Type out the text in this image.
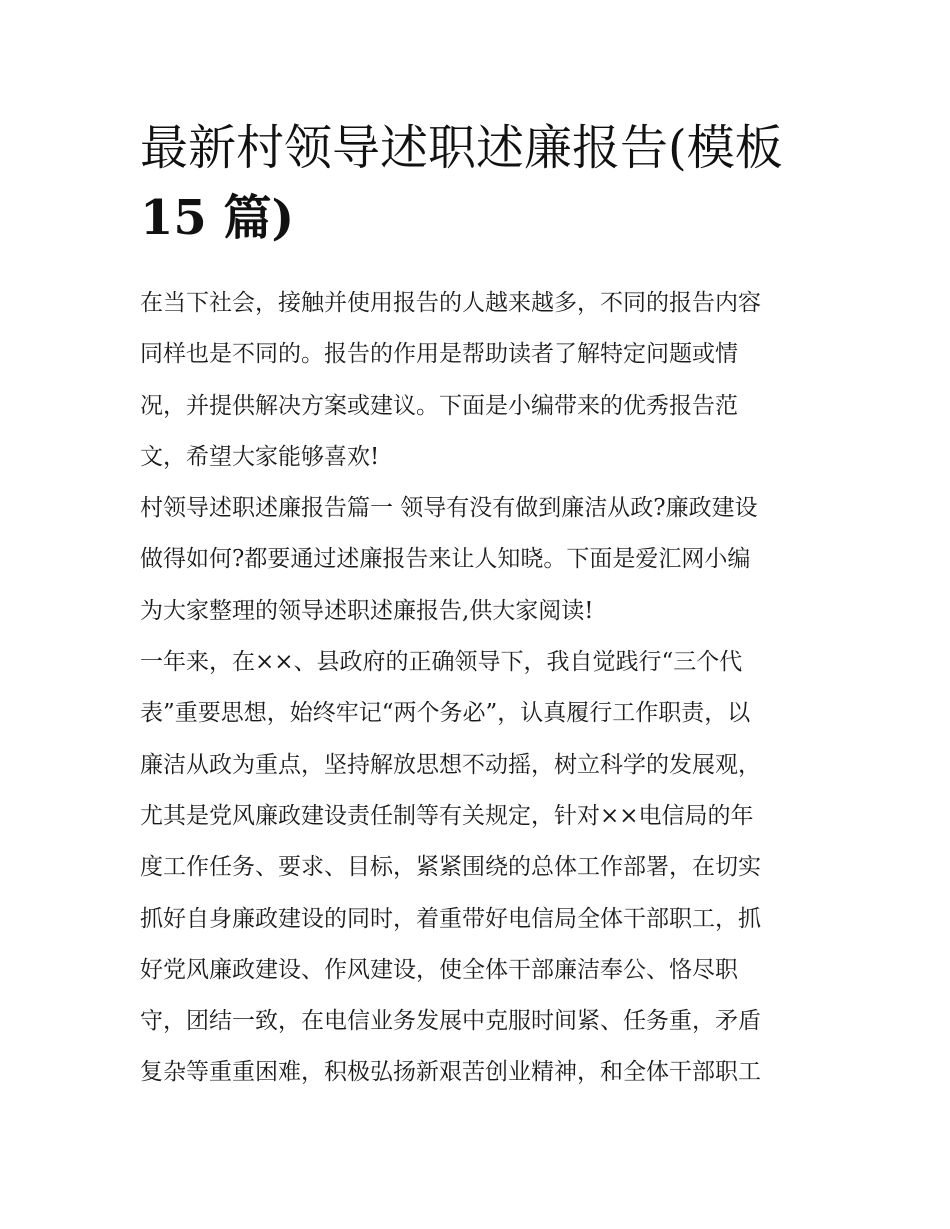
最新村领导述职述廉报告(模板
15 篇)
在当下社会，接触并使用报告的人越来越多，不同的报告内容
同样也是不同的。报告的作用是帮助读者了解特定问题或情
况，并提供解决方案或建议。下面是小编带来的优秀报告范
文，希望大家能够喜欢!
村领导述职述廉报告篇一 领导有没有做到廉洁从政?廉政建设
做得如何?都要通过述廉报告来让人知晓。下面是爱汇网小编
为大家整理的领导述职述廉报告,供大家阅读!
一年来，在××、县政府的正确领导下，我自觉践行“三个代
表”重要思想，始终牢记“两个务必”，认真履行工作职责，以
廉洁从政为重点，坚持解放思想不动摇，树立科学的发展观，
尤其是党风廉政建设责任制等有关规定，针对××电信局的年
度工作任务、要求、目标，紧紧围绕的总体工作部署，在切实
抓好自身廉政建设的同时，着重带好电信局全体干部职工，抓
好党风廉政建设、作风建设，使全体干部廉洁奉公、恪尽职
守，团结一致，在电信业务发展中克服时间紧、任务重，矛盾
复杂等重重困难，积极弘扬新艰苦创业精神，和全体干部职工
